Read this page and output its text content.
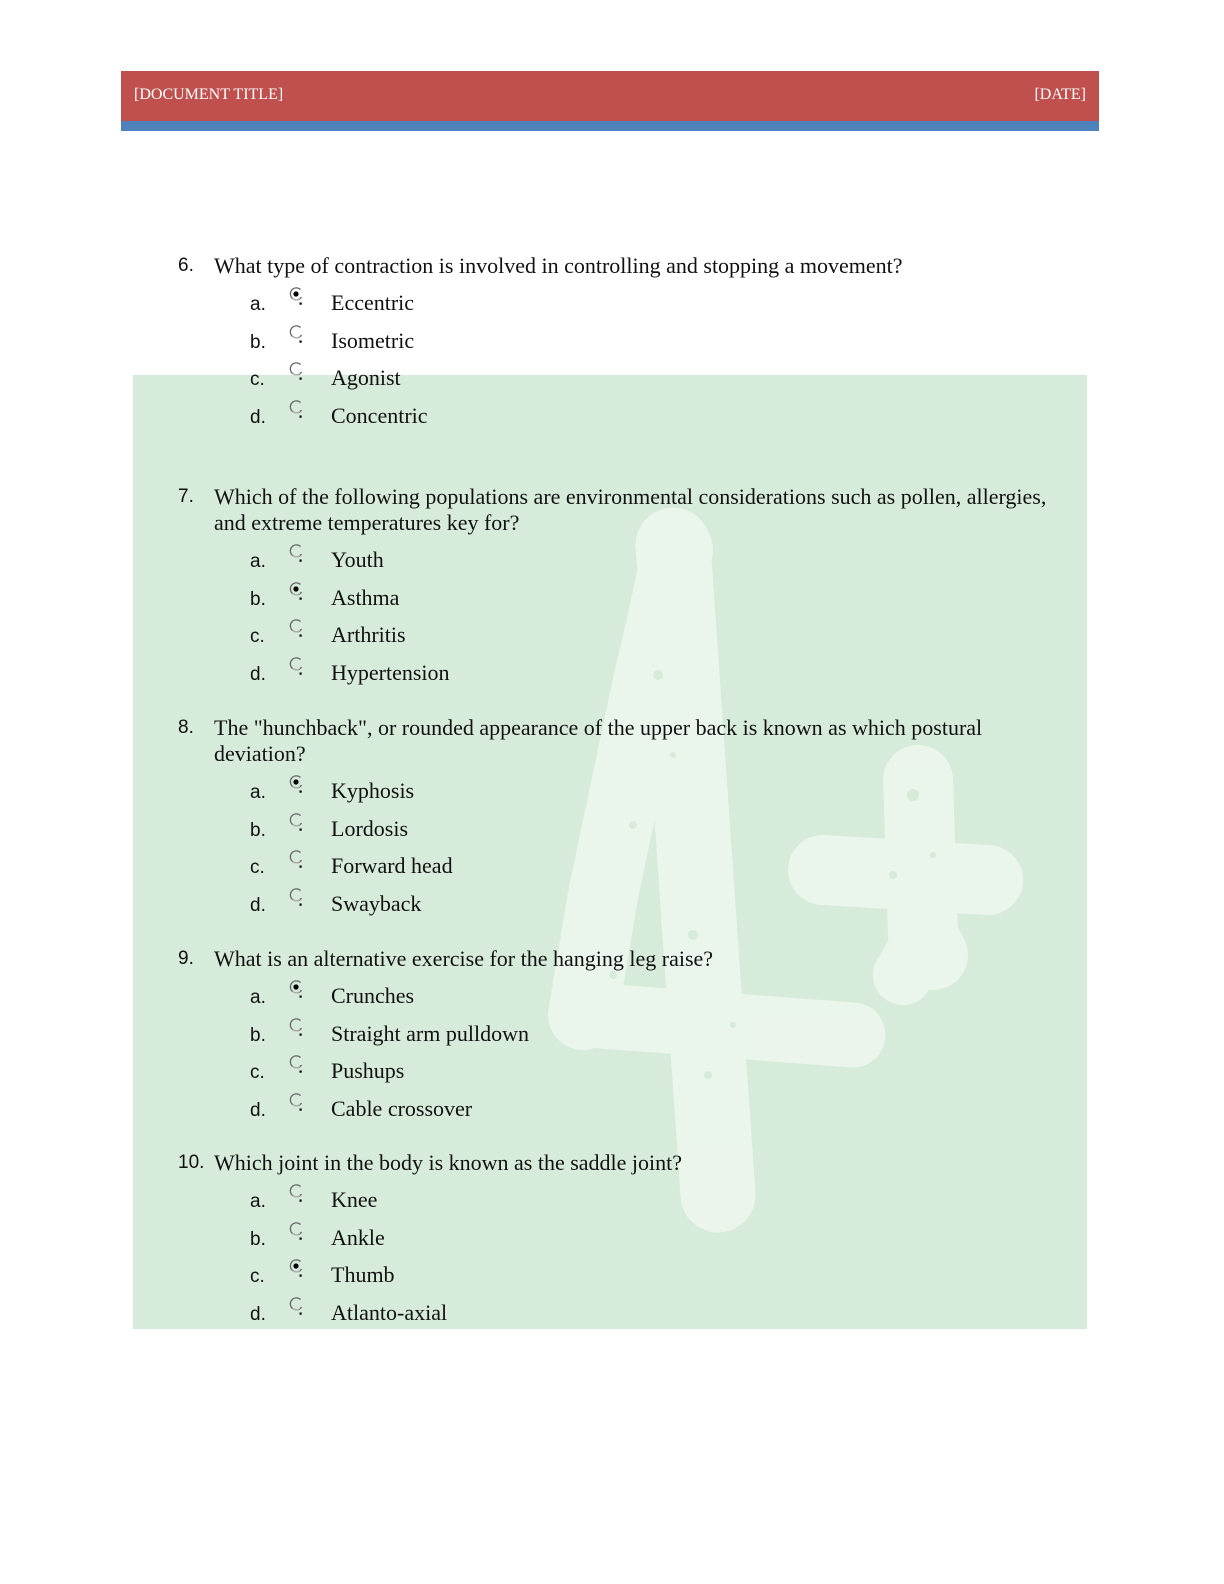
[DOCUMENT TITLE]	[DATE]
6. What type of contraction is involved in controlling and stopping a movement?
a.	Eccentric
b.	Isometric
c.	Agonist
d.	Concentric
7. Which of the following populations are environmental considerations such as pollen, allergies, and extreme temperatures key for?
a.	Youth
b.	Asthma
c.	Arthritis
d.	Hypertension
8. The "hunchback", or rounded appearance of the upper back is known as which postural deviation?
a.	Kyphosis
b.	Lordosis
c.	Forward head
d.	Swayback
9. What is an alternative exercise for the hanging leg raise?
a.	Crunches
b.	Straight arm pulldown
c.	Pushups
d.	Cable crossover
10. Which joint in the body is known as the saddle joint?
a.	Knee
b.	Ankle
c.	Thumb
d.	Atlanto-axial
